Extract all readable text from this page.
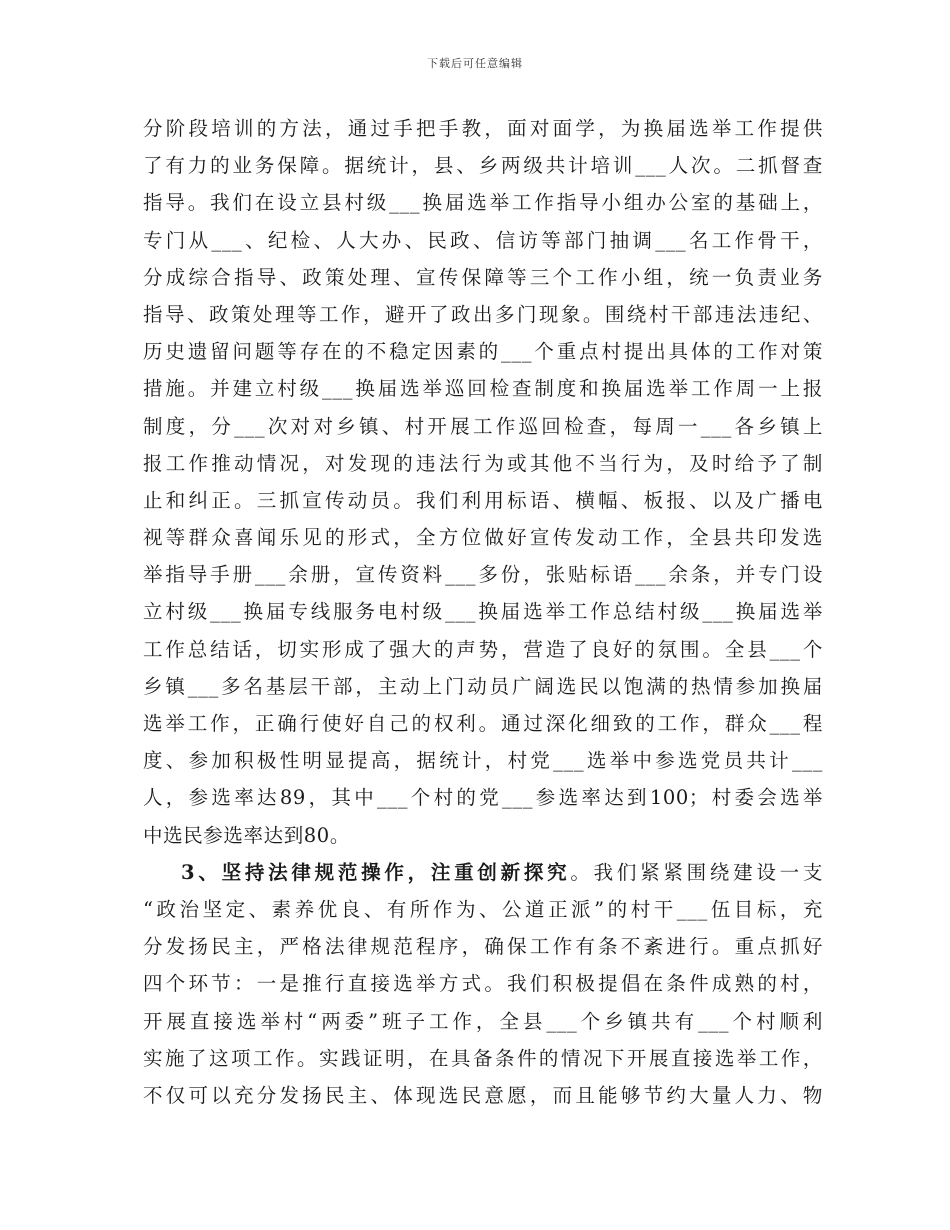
下载后可任意编辑
分阶段培训的方法，通过手把手教，面对面学，为换届选举工作提供
了有力的业务保障。据统计，县、乡两级共计培训___人次。二抓督查
指导。我们在设立县村级___换届选举工作指导小组办公室的基础上，
专门从___、纪检、人大办、民政、信访等部门抽调___名工作骨干，
分成综合指导、政策处理、宣传保障等三个工作小组，统一负责业务
指导、政策处理等工作，避开了政出多门现象。围绕村干部违法违纪、
历史遗留问题等存在的不稳定因素的___个重点村提出具体的工作对策
措施。并建立村级___换届选举巡回检查制度和换届选举工作周一上报
制度，分___次对对乡镇、村开展工作巡回检查，每周一___各乡镇上
报工作推动情况，对发现的违法行为或其他不当行为，及时给予了制
止和纠正。三抓宣传动员。我们利用标语、横幅、板报、以及广播电
视等群众喜闻乐见的形式，全方位做好宣传发动工作，全县共印发选
举指导手册___余册，宣传资料___多份，张贴标语___余条，并专门设
立村级___换届专线服务电村级___换届选举工作总结村级___换届选举
工作总结话，切实形成了强大的声势，营造了良好的氛围。全县___个
乡镇___多名基层干部，主动上门动员广阔选民以饱满的热情参加换届
选举工作，正确行使好自己的权利。通过深化细致的工作，群众___程
度、参加积极性明显提高，据统计，村党___选举中参选党员共计___
人，参选率达89，其中___个村的党___参选率达到100；村委会选举
中选民参选率达到80。
3、坚持法律规范操作，注重创新探究。我们紧紧围绕建设一支
“政治坚定、素养优良、有所作为、公道正派”的村干___伍目标，充
分发扬民主，严格法律规范程序，确保工作有条不紊进行。重点抓好
四个环节：一是推行直接选举方式。我们积极提倡在条件成熟的村，
开展直接选举村“两委”班子工作，全县___个乡镇共有___个村顺利
实施了这项工作。实践证明，在具备条件的情况下开展直接选举工作，
不仅可以充分发扬民主、体现选民意愿，而且能够节约大量人力、物
